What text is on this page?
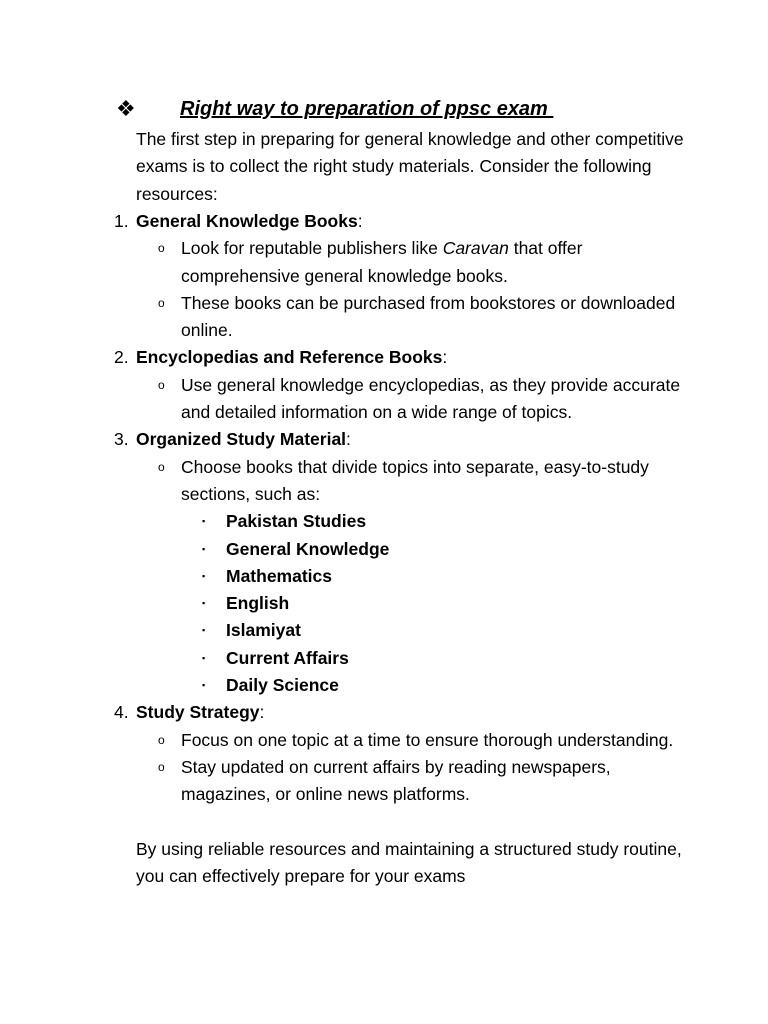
❖ Right way to preparation of ppsc exam
The first step in preparing for general knowledge and other competitive exams is to collect the right study materials. Consider the following resources:
1. General Knowledge Books:
o Look for reputable publishers like Caravan that offer comprehensive general knowledge books.
o These books can be purchased from bookstores or downloaded online.
2. Encyclopedias and Reference Books:
o Use general knowledge encyclopedias, as they provide accurate and detailed information on a wide range of topics.
3. Organized Study Material:
o Choose books that divide topics into separate, easy-to-study sections, such as:
▪ Pakistan Studies
▪ General Knowledge
▪ Mathematics
▪ English
▪ Islamiyat
▪ Current Affairs
▪ Daily Science
4. Study Strategy:
o Focus on one topic at a time to ensure thorough understanding.
o Stay updated on current affairs by reading newspapers, magazines, or online news platforms.
By using reliable resources and maintaining a structured study routine, you can effectively prepare for your exams
